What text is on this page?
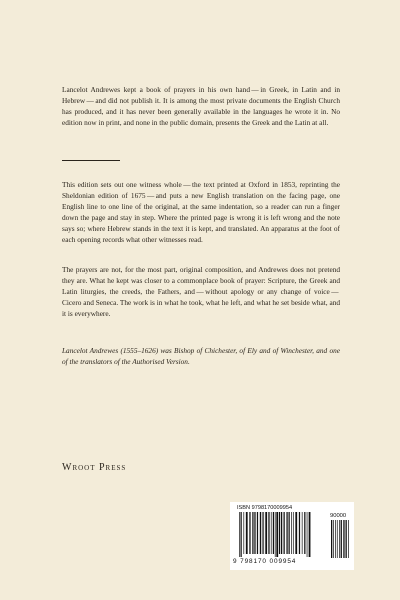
Lancelot Andrewes kept a book of prayers in his own hand — in Greek, in Latin and in Hebrew — and did not publish it. It is among the most private documents the English Church has produced, and it has never been generally available in the languages he wrote it in. No edition now in print, and none in the public domain, presents the Greek and the Latin at all.

This edition sets out one witness whole — the text printed at Oxford in 1853, reprinting the Sheldonian edition of 1675 — and puts a new English translation on the facing page, one English line to one line of the original, at the same indentation, so a reader can run a finger down the page and stay in step. Where the printed page is wrong it is left wrong and the note says so; where Hebrew stands in the text it is kept, and translated. An apparatus at the foot of each opening records what other witnesses read.

The prayers are not, for the most part, original composition, and Andrewes does not pretend they are. What he kept was closer to a commonplace book of prayer: Scripture, the Greek and Latin liturgies, the creeds, the Fathers, and — without apology or any change of voice — Cicero and Seneca. The work is in what he took, what he left, and what he set beside what, and it is everywhere.

Lancelot Andrewes (1555–1626) was Bishop of Chichester, of Ely and of Winchester, and one of the translators of the Authorised Version.

Wroot Press
ISBN 9798170009954
90000
9 798170 009954
